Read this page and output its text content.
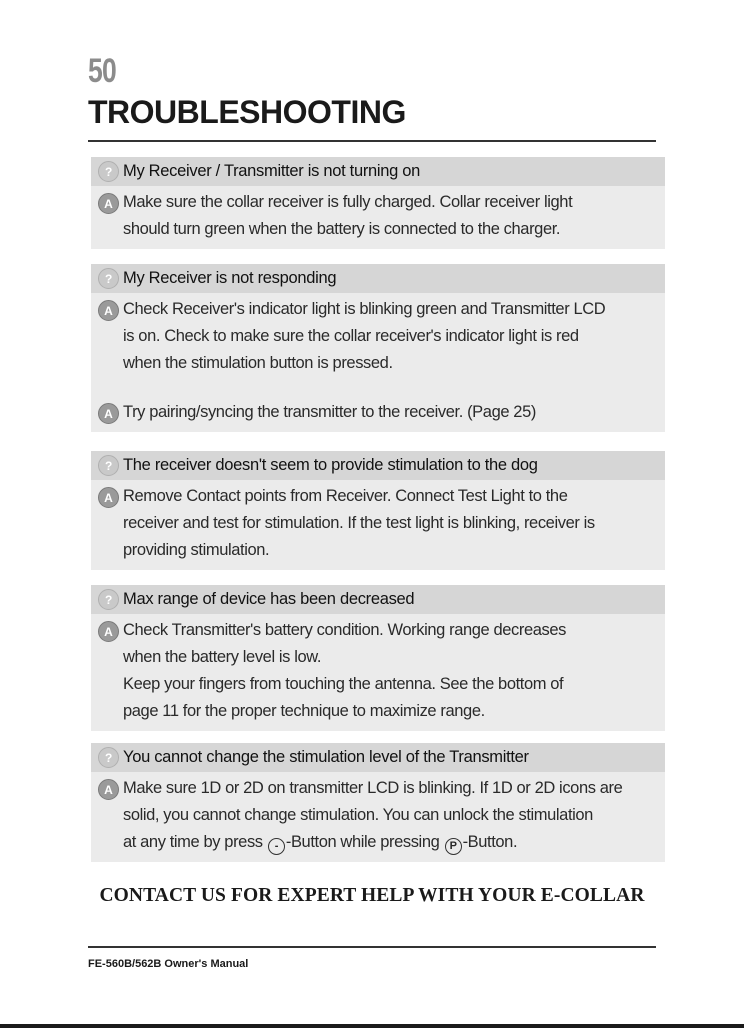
50
TROUBLESHOOTING
? My Receiver / Transmitter is not turning on
A Make sure the collar receiver is fully charged. Collar receiver light
should turn green when the battery is connected to the charger.
? My Receiver is not responding
A Check Receiver's indicator light is blinking green and Transmitter LCD
is on. Check to make sure the collar receiver's indicator light is red
when the stimulation button is pressed.
A Try pairing/syncing the transmitter to the receiver. (Page 25)
? The receiver doesn't seem to provide stimulation to the dog
A Remove Contact points from Receiver. Connect Test Light to the
receiver and test for stimulation. If the test light is blinking, receiver is
providing stimulation.
? Max range of device has been decreased
A Check Transmitter's battery condition. Working range decreases
when the battery level is low.
Keep your fingers from touching the antenna. See the bottom of
page 11 for the proper technique to maximize range.
? You cannot change the stimulation level of the Transmitter
A Make sure 1D or 2D on transmitter LCD is blinking. If 1D or 2D icons are
solid, you cannot change stimulation. You can unlock the stimulation
at any time by press - -Button while pressing P -Button.
CONTACT US FOR EXPERT HELP WITH YOUR E-COLLAR
FE-560B/562B Owner's Manual
